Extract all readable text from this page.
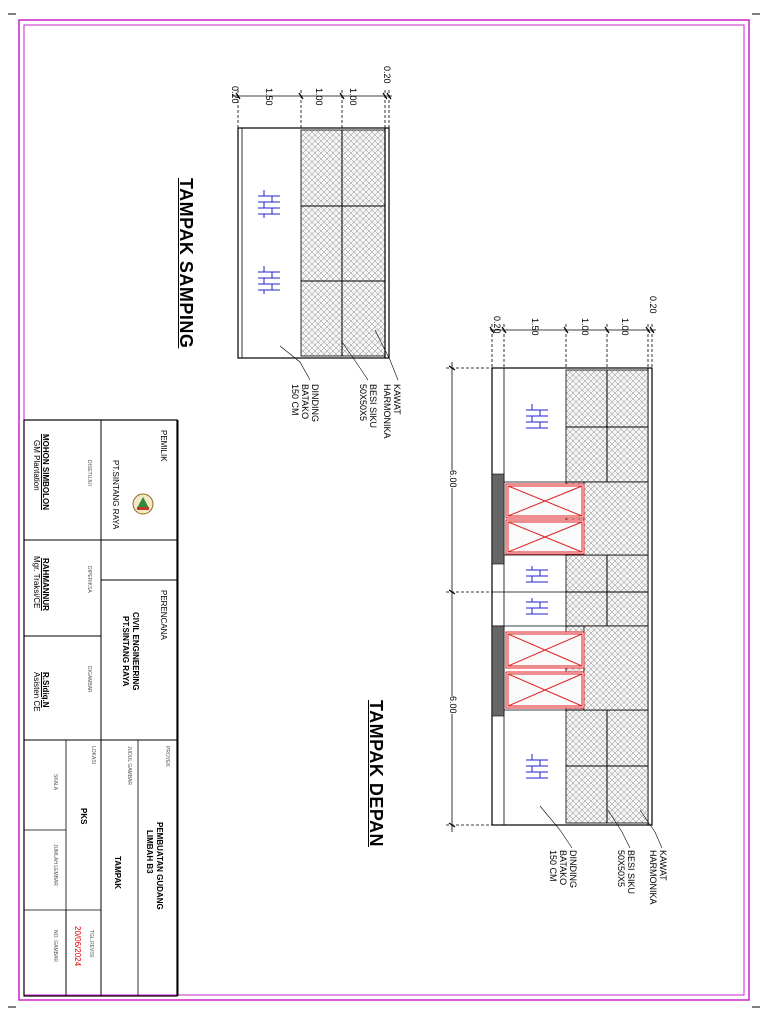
TAMPAK SAMPING
0.20
1.00
1.00
1.50
0.20
KAWAT
HARMONIKA
BESI SIKU
50X50X5
DINDING
BATAKO
150 CM
TAMPAK DEPAN
0.20
1.00
1.00
1.50
0.20
6.00
6.00
KAWAT
HARMONIKA
BESI SIKU
50X50X5
DINDING
BATAKO
150 CM
PEMILIK
PT.SINTANG RAYA
PERENCANA
CIVIL ENGINEERING
PT.SINTANG RAYA
PROYEK
PEMBUATAN GUDANG
LIMBAH B3
JUDUL GAMBAR
TAMPAK
LOKASI
PKS
DISETUJUI
MOHON SIMBOLON
GM Plantation
DIPERIKSA
RAHMANNUR
Mgr. Traksi/CE
DIGAMBAR
R.Sidiq.N
Asisten CE
SKALA
JUMLAH LEMBAR
TGL.REVISI
20/06/2024
NO. GAMBAR
